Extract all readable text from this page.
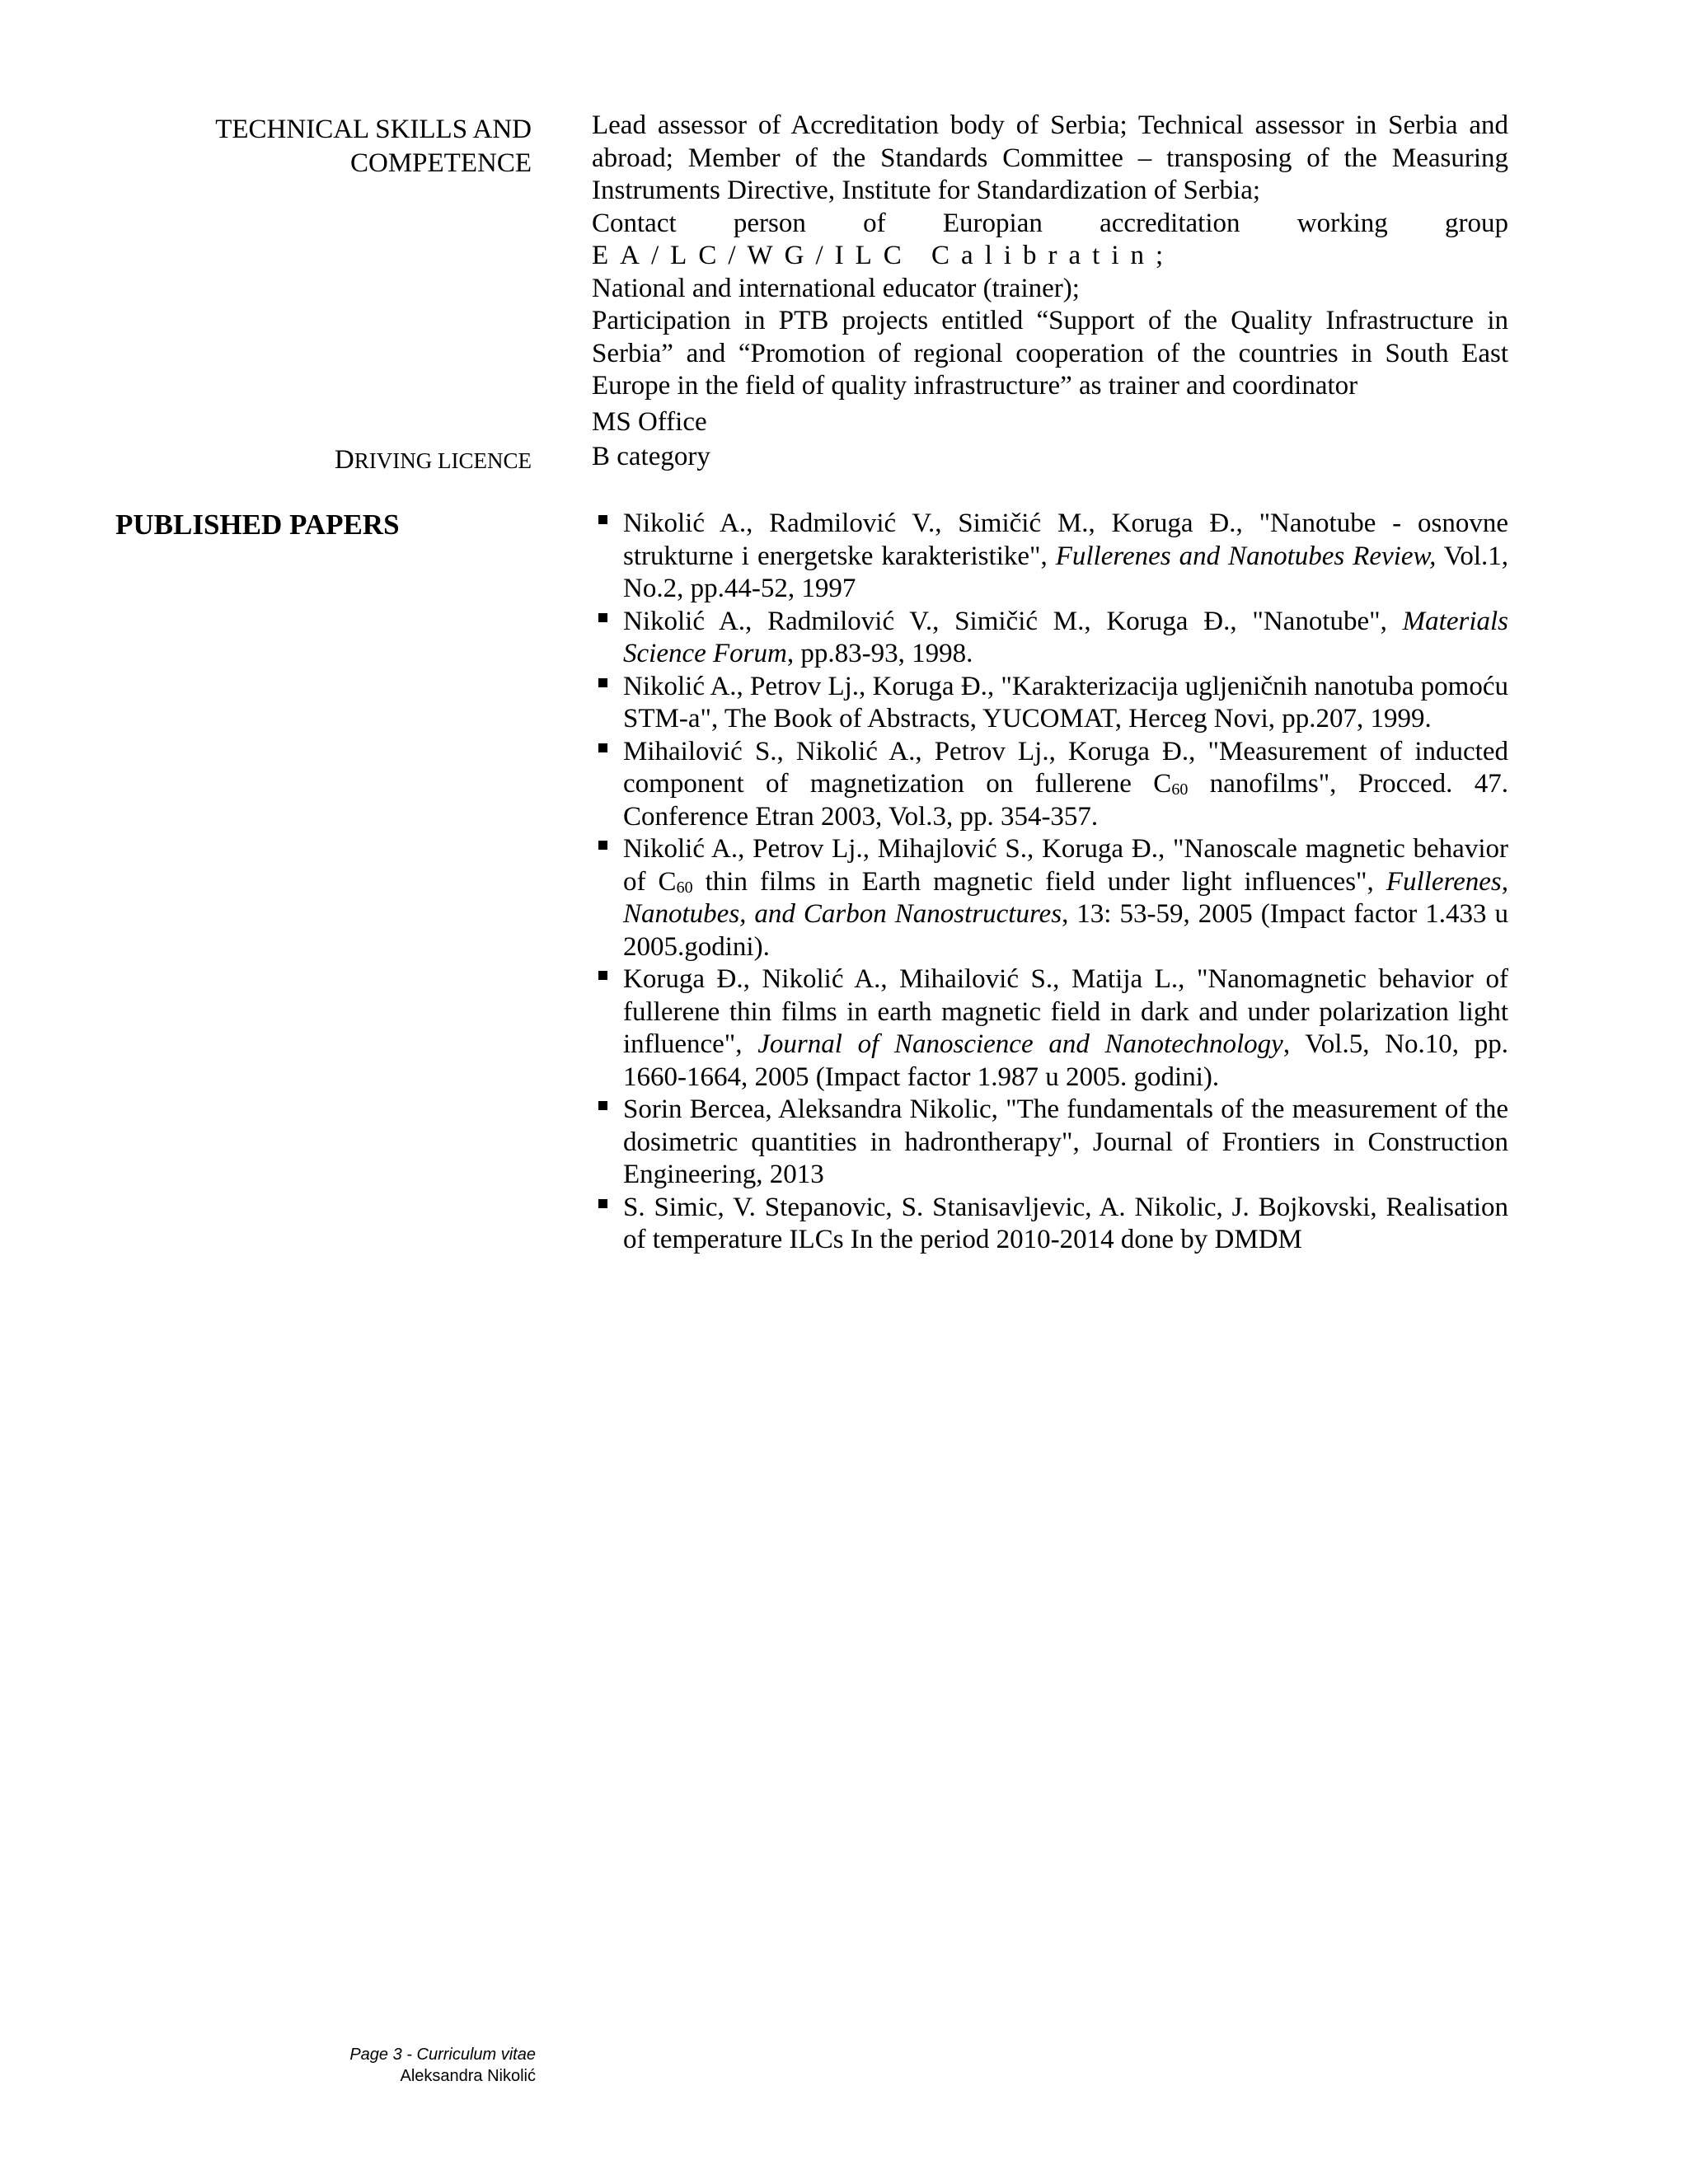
TECHNICAL SKILLS AND
COMPETENCE

Lead assessor of Accreditation body of Serbia; Technical assessor in Serbia and abroad; Member of the Standards Committee – transposing of the Measuring Instruments Directive, Institute for Standardization of Serbia;

Contact person of Europian accreditation working group

EA/LC/WG/ILC Calibratin;

National and international educator (trainer);

Participation in PTB projects entitled “Support of the Quality Infrastructure in Serbia” and “Promotion of regional cooperation of the countries in South East Europe in the field of quality infrastructure” as trainer and coordinator

MS Office

DRIVING LICENCE B category
PUBLISHED PAPERS	Nikolić A., Radmilović V., Simičić M., Koruga Đ., "Nanotube - osnovne strukturne i energetske karakteristike", Fullerenes and Nanotubes Review, Vol.1, No.2, pp.44-52, 1997
Nikolić A., Radmilović V., Simičić M., Koruga Đ., "Nanotube", Materials Science Forum, pp.83-93, 1998.
Nikolić A., Petrov Lj., Koruga Đ., "Karakterizacija ugljeničnih nanotuba pomoću STM-a", The Book of Abstracts, YUCOMAT, Herceg Novi, pp.207, 1999.
Mihailović S., Nikolić A., Petrov Lj., Koruga Đ., "Measurement of inducted component of magnetization on fullerene $C_{60}$ nanofilms", Procced. 47. Conference Etran 2003, Vol.3, pp. 354-357.
Nikolić A., Petrov Lj., Mihajlović S., Koruga Đ., "Nanoscale magnetic behavior of $C_{60}$ thin films in Earth magnetic field under light influences", Fullerenes, Nanotubes, and Carbon Nanostructures, 13: 53-59, 2005 (Impact factor 1.433 u 2005.godini).
Koruga Đ., Nikolić A., Mihailović S., Matija L., "Nanomagnetic behavior of fullerene thin films in earth magnetic field in dark and under polarization light influence", Journal of Nanoscience and Nanotechnology, Vol.5, No.10, pp. 1660-1664, 2005 (Impact factor 1.987 u 2005. godini).
Sorin Bercea, Aleksandra Nikolic, "The fundamentals of the measurement of the dosimetric quantities in hadrontherapy", Journal of Frontiers in Construction Engineering, 2013
S. Simic, V. Stepanovic, S. Stanisavljevic, A. Nikolic, J. Bojkovski, Realisation of temperature ILCs In the period 2010-2014 done by DMDM
Page 3 - Curriculum vitae
Aleksandra Nikolić
